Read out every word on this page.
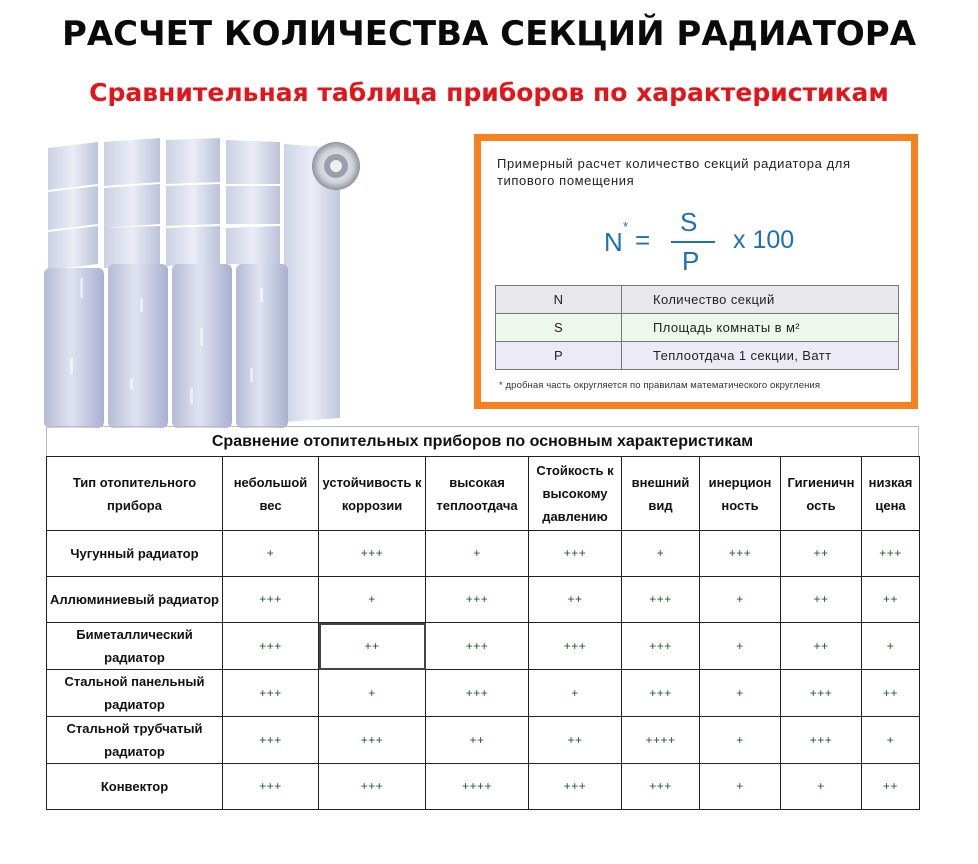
РАСЧЕТ КОЛИЧЕСТВА СЕКЦИЙ РАДИАТОРА
Сравнительная таблица приборов по характеристикам
Примерный расчет количество секций радиатора для типового помещения
N
* =
S
P
x 100
N	Количество секций
S	Площадь комнаты в м²
P	Теплоотдача 1 секции, Ватт
* дробная часть округляется по правилам математического округления
Сравнение отопительных приборов по основным характеристикам
Тип отопительного прибора	небольшой вес	устойчивость к коррозии	высокая теплоотдача	Стойкость к высокому давлению	внешний вид	инерцион ность	Гигиеничн ость	низкая цена
Чугунный радиатор	+	+++	+	+++	+	+++	++	+++
Аллюминиевый радиатор	+++	+	+++	++	+++	+	++	++
Биметаллический радиатор	+++	++	+++	+++	+++	+	++	+
Стальной панельный радиатор	+++	+	+++	+	+++	+	+++	++
Стальной трубчатый радиатор	+++	+++	++	++	++++	+	+++	+
Конвектор	+++	+++	++++	+++	+++	+	+	++
